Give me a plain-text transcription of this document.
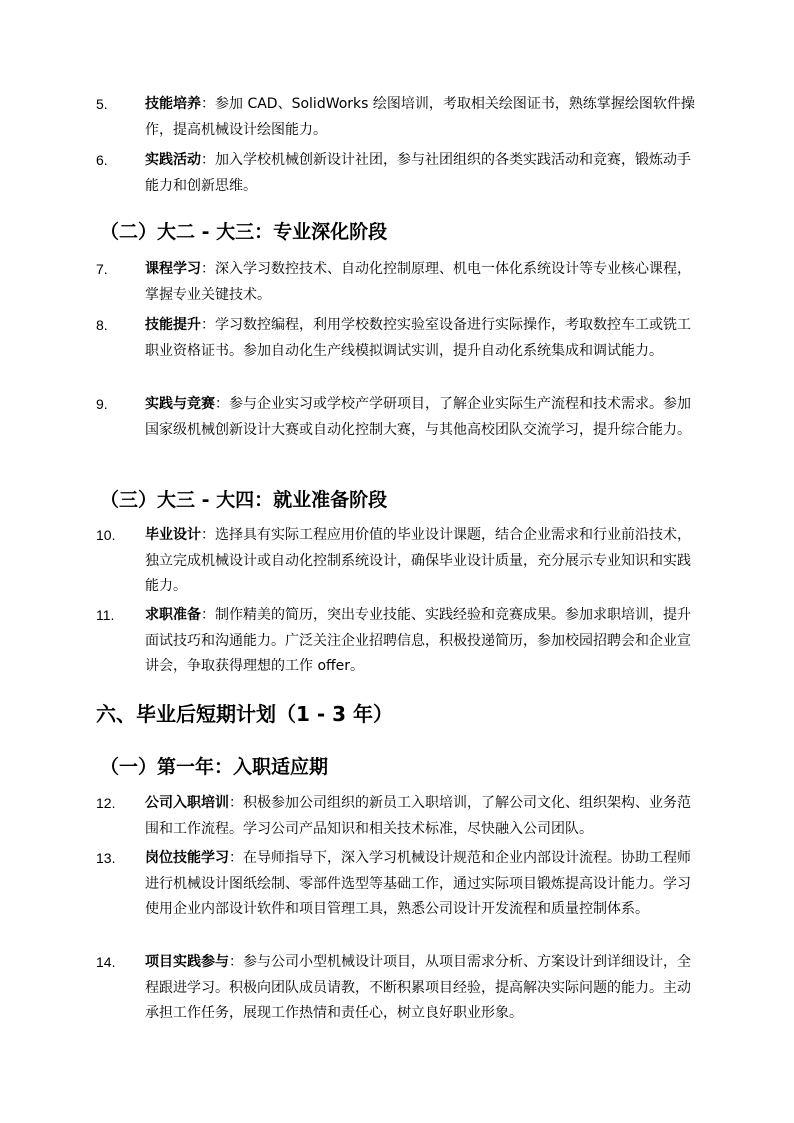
5.	技能培养：参加 CAD、SolidWorks 绘图培训，考取相关绘图证书，熟练掌握绘图软件操作，提高机械设计绘图能力。
6.	实践活动：加入学校机械创新设计社团，参与社团组织的各类实践活动和竞赛，锻炼动手能力和创新思维。
（二）大二 - 大三：专业深化阶段
7.	课程学习：深入学习数控技术、自动化控制原理、机电一体化系统设计等专业核心课程，掌握专业关键技术。
8.	技能提升：学习数控编程，利用学校数控实验室设备进行实际操作，考取数控车工或铣工职业资格证书。参加自动化生产线模拟调试实训，提升自动化系统集成和调试能力。
9.	实践与竞赛：参与企业实习或学校产学研项目，了解企业实际生产流程和技术需求。参加国家级机械创新设计大赛或自动化控制大赛，与其他高校团队交流学习，提升综合能力。
（三）大三 - 大四：就业准备阶段
10. 毕业设计：选择具有实际工程应用价值的毕业设计课题，结合企业需求和行业前沿技术，独立完成机械设计或自动化控制系统设计，确保毕业设计质量，充分展示专业知识和实践能力。
11. 求职准备：制作精美的简历，突出专业技能、实践经验和竞赛成果。参加求职培训，提升面试技巧和沟通能力。广泛关注企业招聘信息，积极投递简历，参加校园招聘会和企业宣讲会，争取获得理想的工作 offer。
六、毕业后短期计划（1 - 3 年）
（一）第一年：入职适应期
12. 公司入职培训：积极参加公司组织的新员工入职培训，了解公司文化、组织架构、业务范围和工作流程。学习公司产品知识和相关技术标准，尽快融入公司团队。
13. 岗位技能学习：在导师指导下，深入学习机械设计规范和企业内部设计流程。协助工程师进行机械设计图纸绘制、零部件选型等基础工作，通过实际项目锻炼提高设计能力。学习使用企业内部设计软件和项目管理工具，熟悉公司设计开发流程和质量控制体系。
14. 项目实践参与：参与公司小型机械设计项目，从项目需求分析、方案设计到详细设计，全程跟进学习。积极向团队成员请教，不断积累项目经验，提高解决实际问题的能力。主动承担工作任务，展现工作热情和责任心，树立良好职业形象。
